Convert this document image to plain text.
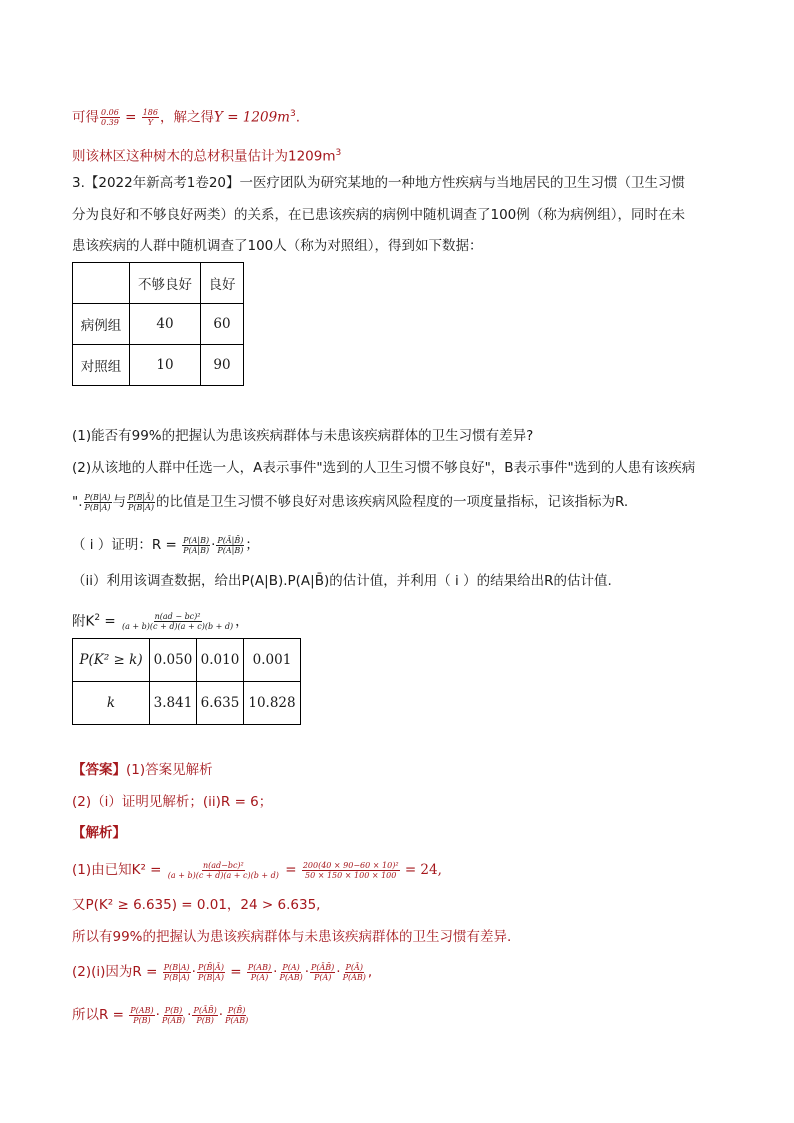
可得 $\frac{0.06}{0.39} = \frac{186}{Y}$ ，解之得$Y = 1209m^3$.
则该林区这种树木的总材积量估计为$1209m^3$
3.【2022年新高考1卷20】一医疗团队为研究某地的一种地方性疾病与当地居民的卫生习惯（卫生习惯
分为良好和不够良好两类）的关系，在已患该疾病的病例中随机调查了100例（称为病例组），同时在未
患该疾病的人群中随机调查了100人（称为对照组），得到如下数据：
	不够良好	良好
病例组	40	60
对照组	10	90
(1)能否有99%的把握认为患该疾病群体与未患该疾病群体的卫生习惯有差异?
(2)从该地的人群中任选一人，A表示事件"选到的人卫生习惯不够良好"，B表示事件"选到的人患有该疾病
". $\frac{P(B|A)}{P(B|Ā)}$ 与 $\frac{P(B|Ā)}{P(B̄|Ā)}$ 的比值是卫生习惯不够良好对患该疾病风险程度的一项度量指标，记该指标为R.
（ i ）证明：$R = \frac{P(A|B)}{P(Ā|B)} \cdot \frac{P(Ā|B̄)}{P(A|B̄)}$ ；
（ii）利用该调查数据，给出P(A|B).P(A|B̄)的估计值，并利用（ i ）的结果给出R的估计值.
附$K^2 = \frac{\text{n(ad − bc)²}}{(a + b)(c + d)(a + c)(b + d)}$ ，
P(K² ≥ k)	0.050	0.010	0.001
k	3.841	6.635	10.828
【答案】(1)答案见解析
(2)（i）证明见解析；(ii)R = 6；
【解析】
(1)由已知$K^2 = \frac{\text{n(ad−bc)²}}{(a + b)(c + d)(a + c)(b + d)} = \frac{\text{200(40 × 90−60 × 10)²}}{50 \times 150 \times 100 \times 100} = 24$,
又P(K² ≥ 6.635) = 0.01，24 > 6.635,
所以有99%的把握认为患该疾病群体与未患该疾病群体的卫生习惯有差异.
(2)(i)因为$R = \frac{P(B|A)}{P(B̄|A)} \cdot \frac{P(B̄|Ā)}{P(B|Ā)} = \frac{P(AB)}{P(A)} \cdot \frac{P(A)}{P(AB̄)} \cdot \frac{P(ĀB̄)}{P(Ā)} \cdot \frac{P(Ā)}{P(ĀB)}$ ,
所以$R = \frac{P(AB)}{P(B)} \cdot \frac{P(B)}{P(ĀB)} \cdot \frac{P(ĀB̄)}{P(B̄)} \cdot \frac{P(B̄)}{P(AB̄)}$
